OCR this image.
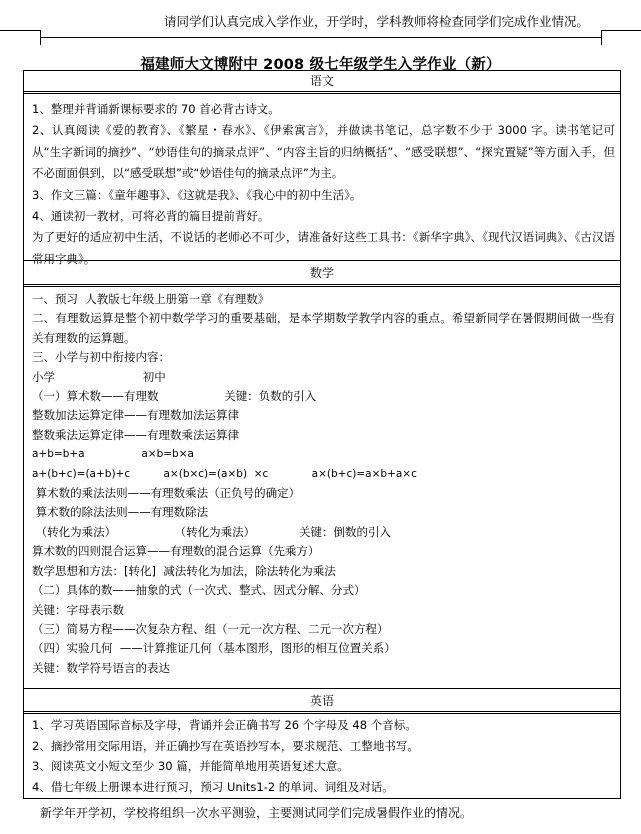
请同学们认真完成入学作业，开学时，学科教师将检查同学们完成作业情况。
福建师大文博附中 2008 级七年级学生入学作业（新）
语文

1、整理并背诵新课标要求的 70 首必背古诗文。

2、认真阅读《爱的教育》、《繁星・春水》、《伊索寓言》，并做读书笔记，总字数不少于 3000 字。读书笔记可从“生字新词的摘抄”、“妙语佳句的摘录点评”、“内容主旨的归纳概括”、“感受联想”、“探究置疑”等方面入手，但不必面面俱到，以“感受联想”或“妙语佳句的摘录点评”为主。

3、作文三篇：《童年趣事》、《这就是我》、《我心中的初中生活》。

4、通读初一教材，可将必背的篇目提前背好。

为了更好的适应初中生活，不说话的老师必不可少，请准备好这些工具书：《新华字典》、《现代汉语词典》、《古汉语常用字典》。

数学

一、预习  人教版七年级上册第一章《有理数》

二、有理数运算是整个初中数学学习的重要基础，是本学期数学教学内容的重点。希望新同学在暑假期间做一些有关有理数的运算题。

三、小学与初中衔接内容：

小学                        初中

（一）算术数——有理数                  关键：负数的引入

整数加法运算定律——有理数加法运算律

整数乘法运算定律——有理数乘法运算律

a+b=b+a                 a×b=b×a

a+(b+c)=(a+b)+c          a×(b×c)=(a×b)  ×c             a×(b+c)=a×b+a×c

算术数的乘法法则——有理数乘法（正负号的确定）

算术数的除法法则——有理数除法

（转化为乘法）                （转化为乘法）            关键：倒数的引入

算术数的四则混合运算——有理数的混合运算（先乘方）

数学思想和方法：[转化]  减法转化为加法，除法转化为乘法

（二）具体的数——抽象的式（一次式、整式、因式分解、分式）

关键：字母表示数

（三）简易方程——次复杂方程、组（一元一次方程、二元一次方程）

（四）实验几何  ——计算推证几何（基本图形，图形的相互位置关系）

关键：数学符号语言的表达

英语

1、学习英语国际音标及字母，背诵并会正确书写 26 个字母及 48 个音标。

2、摘抄常用交际用语，并正确抄写在英语抄写本，要求规范、工整地书写。

3、阅读英文小短文至少 30 篇，并能简单地用英语复述大意。

4、借七年级上册课本进行预习，预习 Units1-2 的单词、词组及对话。

新学年开学初，学校将组织一次水平测验，主要测试同学们完成暑假作业的情况。
